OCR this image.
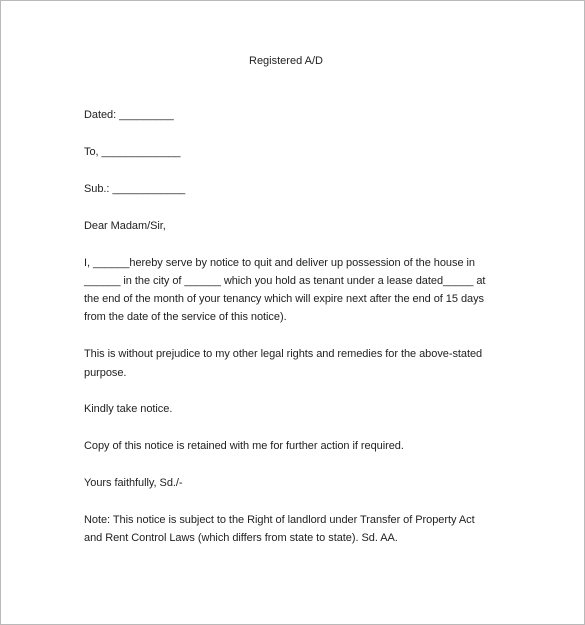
Registered A/D
Dated: _________
To, _____________
Sub.: ____________
Dear Madam/Sir,
I, ______hereby serve by notice to quit and deliver up possession of the house in
______ in the city of ______ which you hold as tenant under a lease dated_____ at
the end of the month of your tenancy which will expire next after the end of 15 days
from the date of the service of this notice).
This is without prejudice to my other legal rights and remedies for the above-stated
purpose.
Kindly take notice.
Copy of this notice is retained with me for further action if required.
Yours faithfully, Sd./-
Note: This notice is subject to the Right of landlord under Transfer of Property Act
and Rent Control Laws (which differs from state to state). Sd. AA.
